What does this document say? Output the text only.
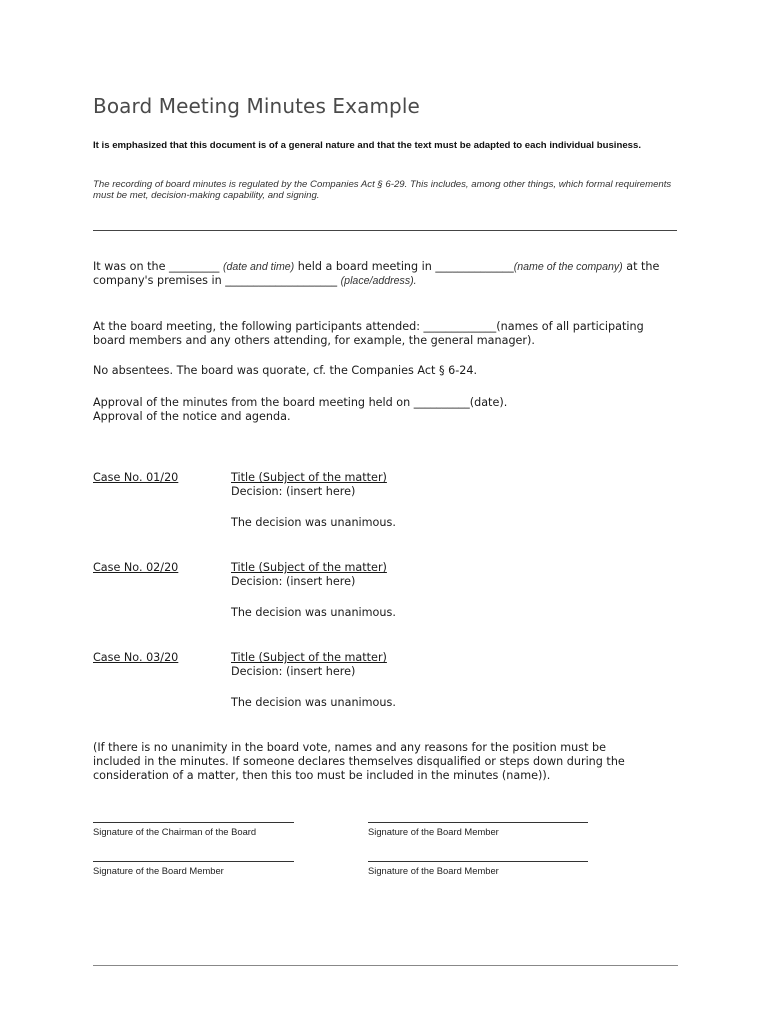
Board Meeting Minutes Example
It is emphasized that this document is of a general nature and that the text must be adapted to each individual business.
The recording of board minutes is regulated by the Companies Act § 6-29. This includes, among other things, which formal requirements must be met, decision-making capability, and signing.
It was on the _________ (date and time) held a board meeting in ______________(name of the company) at the company's premises in ____________________ (place/address).
At the board meeting, the following participants attended: _____________(names of all participating board members and any others attending, for example, the general manager).
No absentees. The board was quorate, cf. the Companies Act § 6-24.
Approval of the minutes from the board meeting held on __________(date).
Approval of the notice and agenda.
Case No. 01/20	Title (Subject of the matter)
Decision: (insert here)
The decision was unanimous.
Case No. 02/20	Title (Subject of the matter)
Decision: (insert here)
The decision was unanimous.
Case No. 03/20	Title (Subject of the matter)
Decision: (insert here)
The decision was unanimous.
(If there is no unanimity in the board vote, names and any reasons for the position must be included in the minutes. If someone declares themselves disqualified or steps down during the consideration of a matter, then this too must be included in the minutes (name)).
Signature of the Chairman of the Board	Signature of the Board Member
Signature of the Board Member	Signature of the Board Member
